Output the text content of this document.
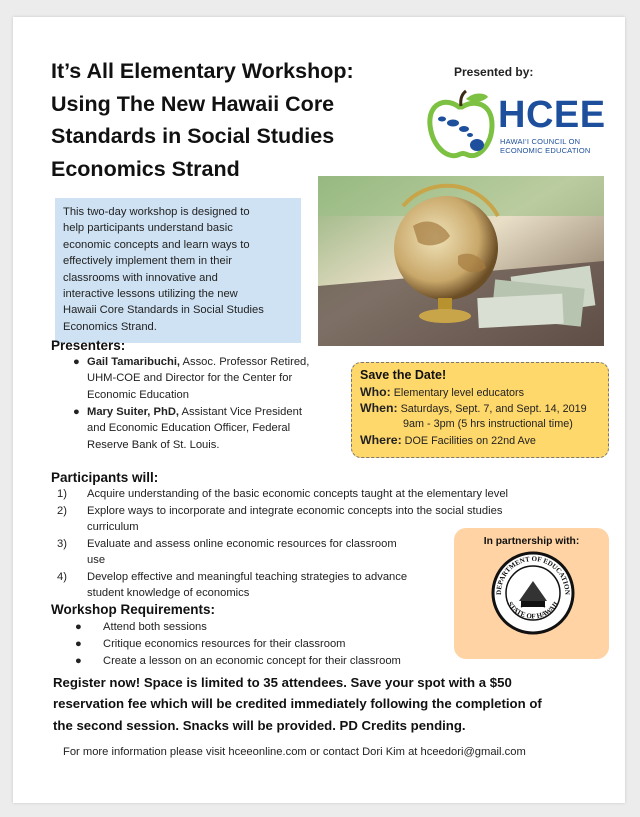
It’s All Elementary Workshop:
Using The New Hawaii Core
Standards in Social Studies
Economics Strand
Presented by:
HCEE
HAWAI‘I COUNCIL ON
ECONOMIC EDUCATION
This two-day workshop is designed to
help participants understand basic
economic concepts and learn ways to
effectively implement them in their
classrooms with innovative and
interactive lessons utilizing the new
Hawaii Core Standards in Social Studies
Economics Strand.
Presenters:
● Gail Tamaribuchi, Assoc. Professor Retired,
UHM-COE and Director for the Center for
Economic Education
● Mary Suiter, PhD, Assistant Vice President
and Economic Education Officer, Federal
Reserve Bank of St. Louis.
Save the Date!
Who: Elementary level educators
When: Saturdays, Sept. 7, and Sept. 14, 2019
9am - 3pm (5 hrs instructional time)
Where: DOE Facilities on 22nd Ave
Participants will:
1) Acquire understanding of the basic economic concepts taught at the elementary level
2) Explore ways to incorporate and integrate economic concepts into the social studies
curriculum
3) Evaluate and assess online economic resources for classroom
use
4) Develop effective and meaningful teaching strategies to advance
student knowledge of economics
In partnership with:
DEPARTMENT OF EDUCATION
STATE OF HAWAII
Workshop Requirements:
● Attend both sessions
● Critique economics resources for their classroom
● Create a lesson on an economic concept for their classroom
Register now! Space is limited to 35 attendees. Save your spot with a $50
reservation fee which will be credited immediately following the completion of
the second session. Snacks will be provided. PD Credits pending.
For more information please visit hceeonline.com or contact Dori Kim at hceedori@gmail.com
